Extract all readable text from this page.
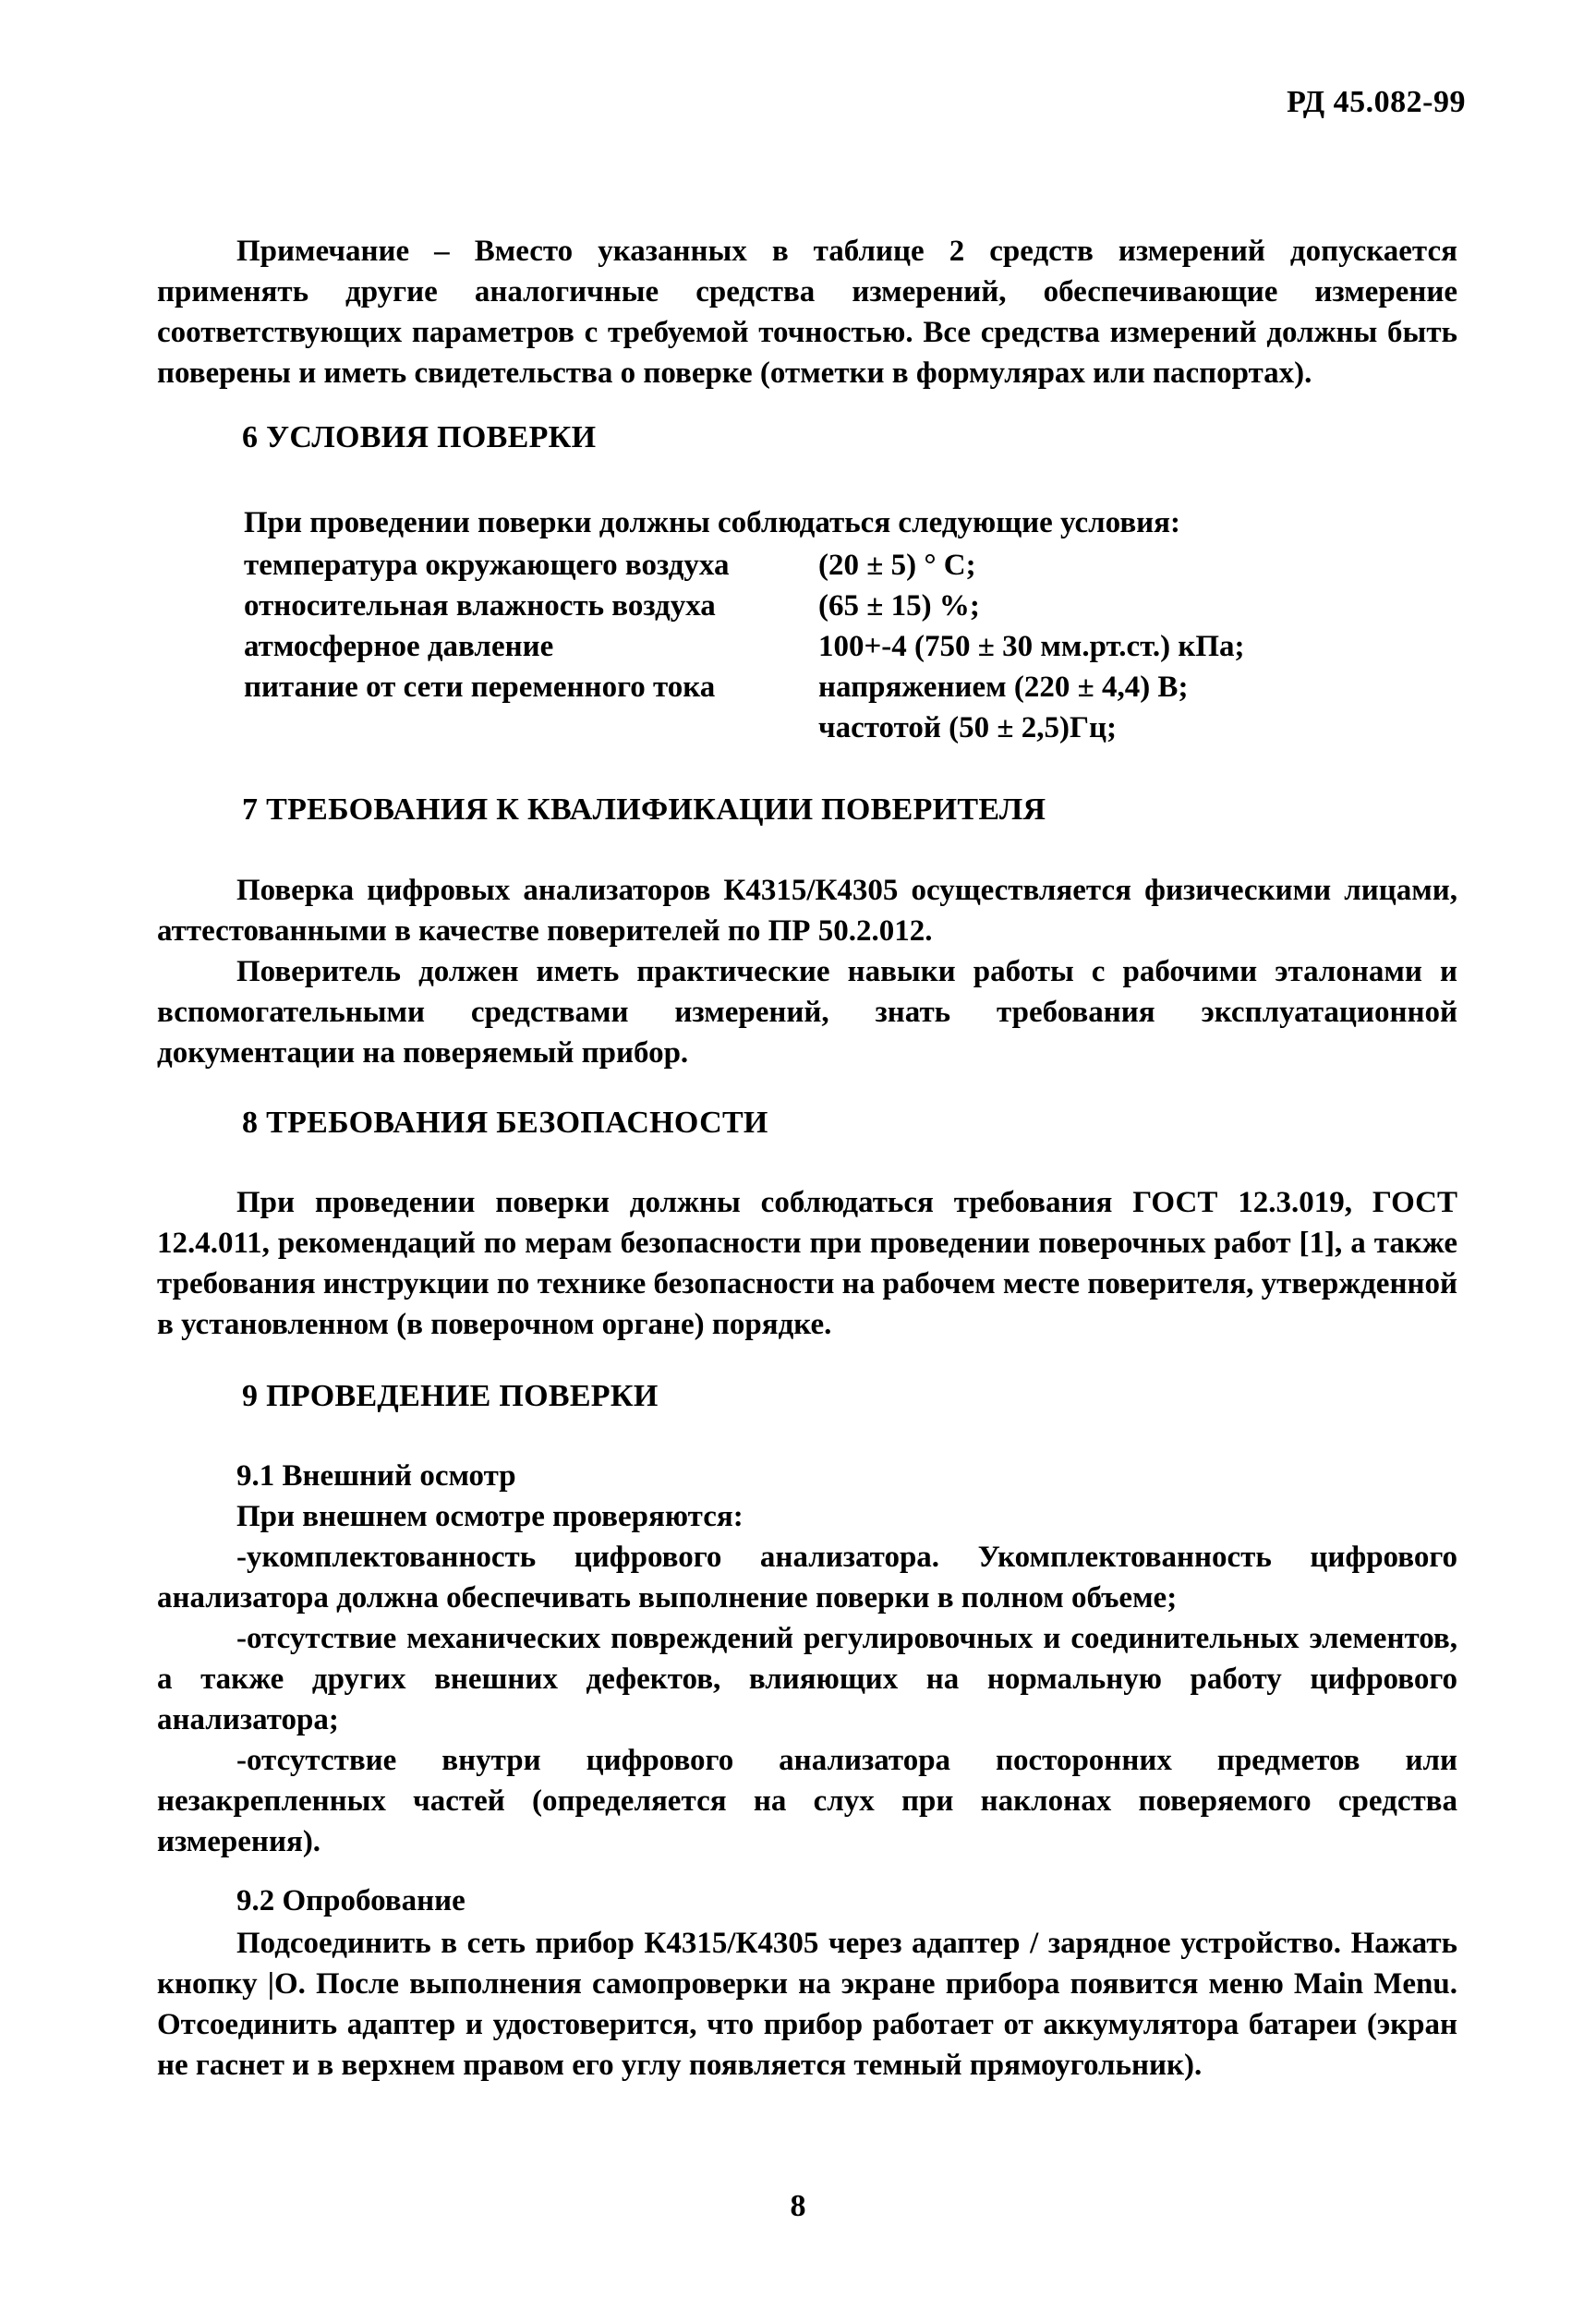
РД 45.082-99

Примечание – Вместо указанных в таблице 2 средств измерений допускается применять другие аналогичные средства измерений, обеспечивающие измерение соответствующих параметров с требуемой точностью. Все средства измерений должны быть поверены и иметь свидетельства о поверке (отметки в формулярах или паспортах).

6 УСЛОВИЯ ПОВЕРКИ
При проведении поверки должны соблюдаться следующие условия:
температура окружающего воздуха	(20 ± 5) ° С;
относительная влажность воздуха	(65 ± 15) %;
атмосферное давление	100+-4 (750 ± 30 мм.рт.ст.) кПа;
питание от сети переменного тока	напряжением (220 ± 4,4) В;
частотой (50 ± 2,5)Гц;
7 ТРЕБОВАНИЯ К КВАЛИФИКАЦИИ ПОВЕРИТЕЛЯ

Поверка цифровых анализаторов К4315/К4305 осуществляется физическими лицами, аттестованными в качестве поверителей по ПР 50.2.012.

Поверитель должен иметь практические навыки работы с рабочими эталонами и вспомогательными средствами измерений, знать требования эксплуатационной документации на поверяемый прибор.

8 ТРЕБОВАНИЯ БЕЗОПАСНОСТИ

При проведении поверки должны соблюдаться требования ГОСТ 12.3.019, ГОСТ 12.4.011, рекомендаций по мерам безопасности при проведении поверочных работ [1], а также требования инструкции по технике безопасности на рабочем месте поверителя, утвержденной в установленном (в поверочном органе) порядке.

9 ПРОВЕДЕНИЕ ПОВЕРКИ
9.1 Внешний осмотр

При внешнем осмотре проверяются:

-укомплектованность цифрового анализатора. Укомплектованность цифрового анализатора должна обеспечивать выполнение поверки в полном объеме;

-отсутствие механических повреждений регулировочных и соединительных элементов, а также других внешних дефектов, влияющих на нормальную работу цифрового анализатора;

-отсутствие внутри цифрового анализатора посторонних предметов или незакрепленных частей (определяется на слух при наклонах поверяемого средства измерения).

9.2 Опробование

Подсоединить в сеть прибор К4315/К4305 через адаптер / зарядное устройство. Нажать кнопку |О. После выполнения самопроверки на экране прибора появится меню Main Menu. Отсоединить адаптер и удостоверится, что прибор работает от аккумулятора батареи (экран не гаснет и в верхнем правом его углу появляется темный прямоугольник).

8
